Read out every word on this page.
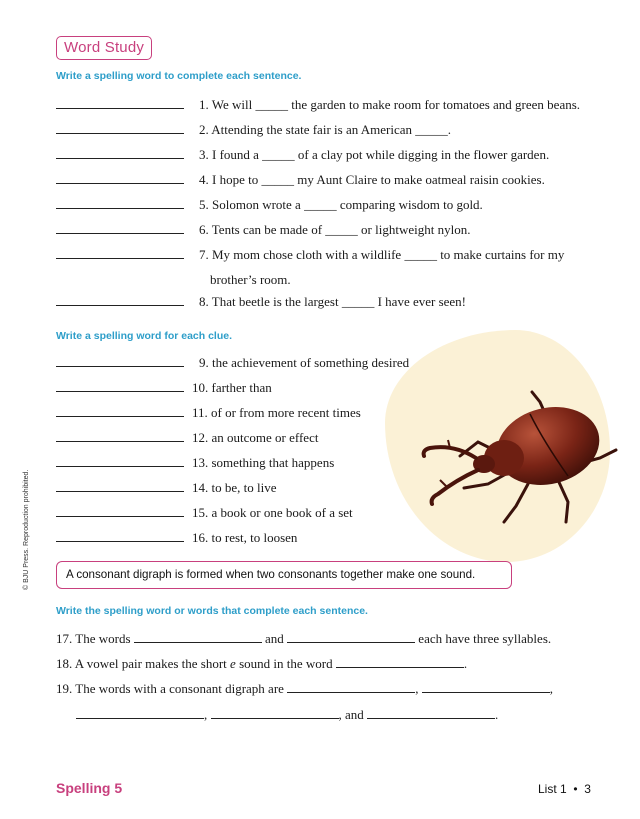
Word Study
Write a spelling word to complete each sentence.
1. We will _____ the garden to make room for tomatoes and green beans.
2. Attending the state fair is an American _____.
3. I found a _____ of a clay pot while digging in the flower garden.
4. I hope to _____ my Aunt Claire to make oatmeal raisin cookies.
5. Solomon wrote a _____ comparing wisdom to gold.
6. Tents can be made of _____ or lightweight nylon.
7. My mom chose cloth with a wildlife _____ to make curtains for my
brother’s room.
8. That beetle is the largest _____ I have ever seen!
Write a spelling word for each clue.
9. the achievement of something desired
10. farther than
11. of or from more recent times
12. an outcome or effect
13. something that happens
14. to be, to live
15. a book or one book of a set
16. to rest, to loosen
A consonant digraph is formed when two consonants together make one sound.
Write the spelling word or words that complete each sentence.
17. The words	and	each have three syllables.
18. A vowel pair makes the short e sound in the word	.
19. The words with a consonant digraph are	,	,
,	, and	.
© BJU Press. Reproduction prohibited.
Spelling 5	List 1 • 3
